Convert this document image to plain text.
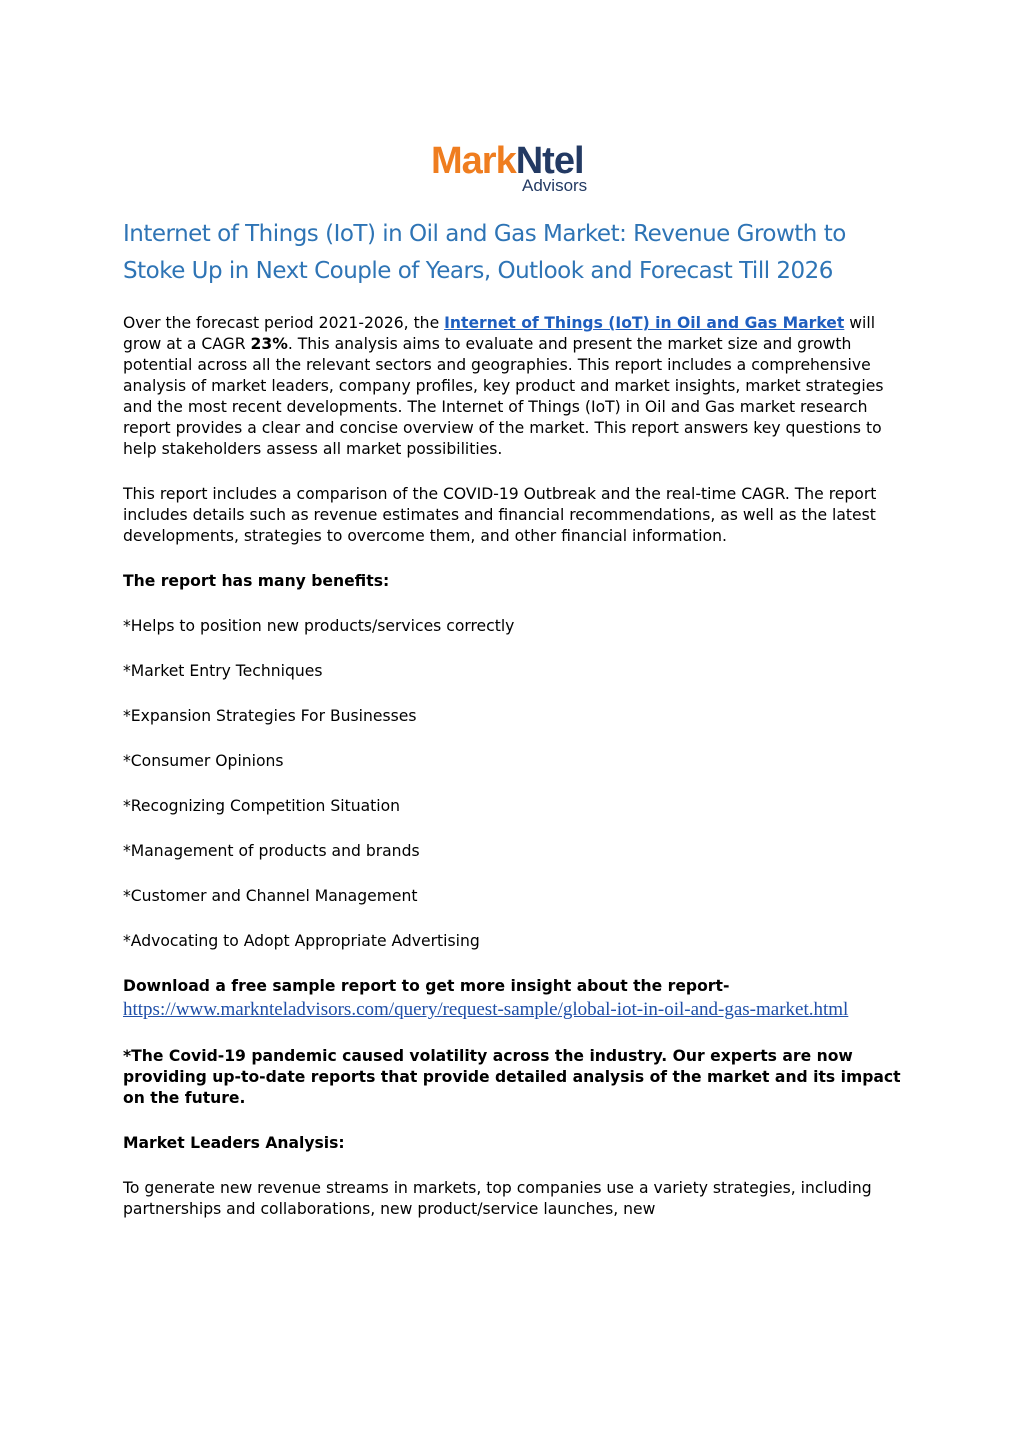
MarkNtel
Advisors
Internet of Things (IoT) in Oil and Gas Market: Revenue Growth to Stoke Up in Next Couple of Years, Outlook and Forecast Till 2026

Over the forecast period 2021-2026, the Internet of Things (IoT) in Oil and Gas Market will grow at a CAGR 23%. This analysis aims to evaluate and present the market size and growth potential across all the relevant sectors and geographies. This report includes a comprehensive analysis of market leaders, company profiles, key product and market insights, market strategies and the most recent developments. The Internet of Things (IoT) in Oil and Gas market research report provides a clear and concise overview of the market. This report answers key questions to help stakeholders assess all market possibilities.

This report includes a comparison of the COVID-19 Outbreak and the real-time CAGR. The report includes details such as revenue estimates and financial recommendations, as well as the latest developments, strategies to overcome them, and other financial information.

The report has many benefits:

*Helps to position new products/services correctly

*Market Entry Techniques

*Expansion Strategies For Businesses

*Consumer Opinions

*Recognizing Competition Situation

*Management of products and brands

*Customer and Channel Management

*Advocating to Adopt Appropriate Advertising

Download a free sample report to get more insight about the report-

https://www.marknteladvisors.com/query/request-sample/global-iot-in-oil-and-gas-market.html

*The Covid-19 pandemic caused volatility across the industry. Our experts are now providing up-to-date reports that provide detailed analysis of the market and its impact on the future.

Market Leaders Analysis:

To generate new revenue streams in markets, top companies use a variety strategies, including partnerships and collaborations, new product/service launches, new
